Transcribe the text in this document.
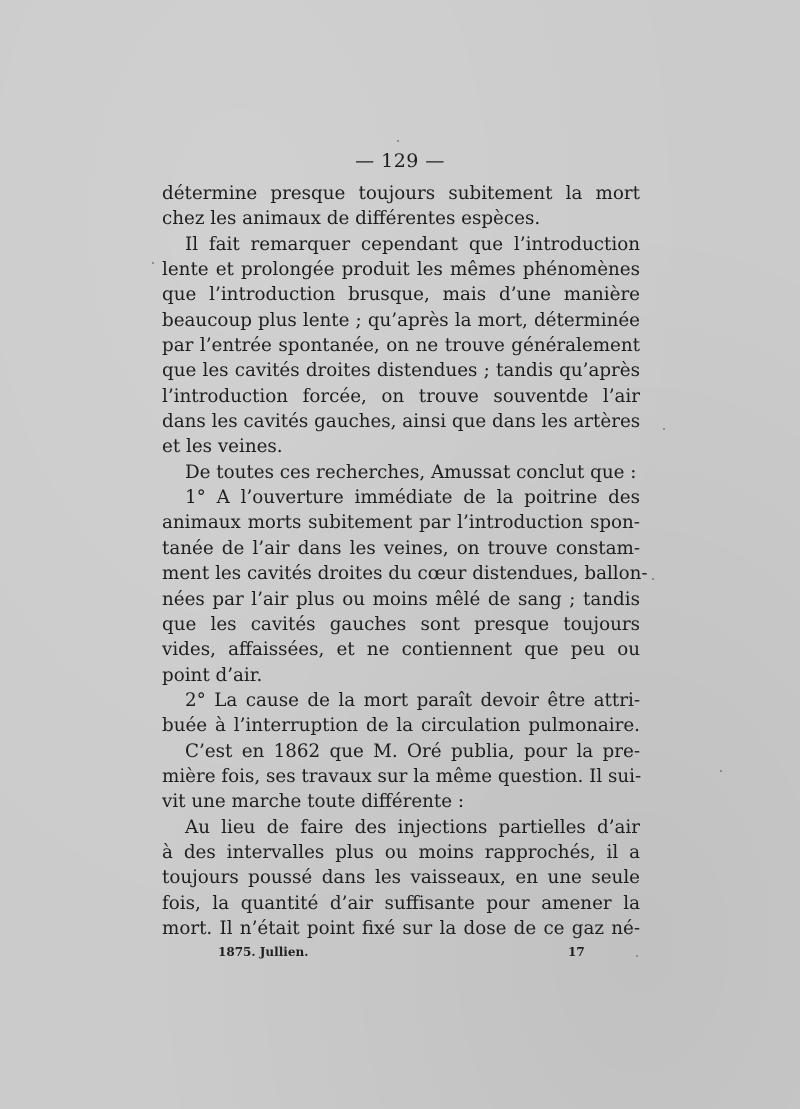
— 129 —
détermine presque toujours subitement la mort
chez les animaux de différentes espèces.
Il fait remarquer cependant que l’introduction
lente et prolongée produit les mêmes phénomènes
que l’introduction brusque, mais d’une manière
beaucoup plus lente ; qu’après la mort, déterminée
par l’entrée spontanée, on ne trouve généralement
que les cavités droites distendues ; tandis qu’après
l’introduction forcée, on trouve souventde l’air
dans les cavités gauches, ainsi que dans les artères
et les veines.
De toutes ces recherches, Amussat conclut que :
1° A l’ouverture immédiate de la poitrine des
animaux morts subitement par l’introduction spon-
tanée de l’air dans les veines, on trouve constam-
ment les cavités droites du cœur distendues, ballon-
nées par l’air plus ou moins mêlé de sang ; tandis
que les cavités gauches sont presque toujours
vides, affaissées, et ne contiennent que peu ou
point d’air.
2° La cause de la mort paraît devoir être attri-
buée à l’interruption de la circulation pulmonaire.
C’est en 1862 que M. Oré publia, pour la pre-
mière fois, ses travaux sur la même question. Il sui-
vit une marche toute différente :
Au lieu de faire des injections partielles d’air
à des intervalles plus ou moins rapprochés, il a
toujours poussé dans les vaisseaux, en une seule
fois, la quantité d’air suffisante pour amener la
mort. Il n’était point fixé sur la dose de ce gaz né-
1875. Jullien.	17
